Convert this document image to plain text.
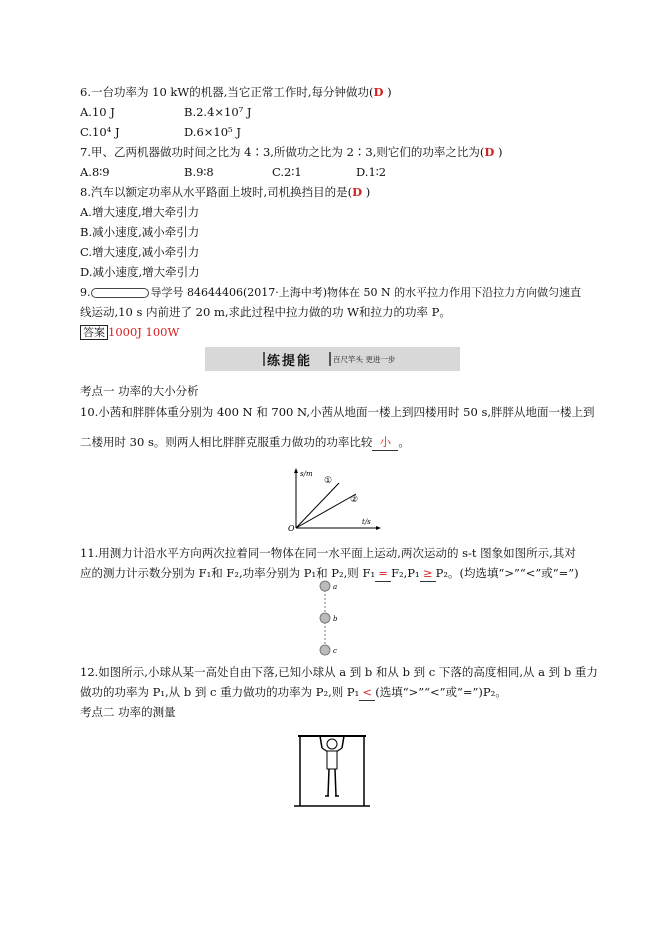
6.一台功率为 10 kW的机器,当它正常工作时,每分钟做功(D )
A.10 J	B.2.4×10⁷ J
C.10⁴ J	D.6×10⁵ J
7.甲、乙两机器做功时间之比为 4∶3,所做功之比为 2∶3,则它们的功率之比为(D )
A.8∶9	B.9∶8	C.2∶1	D.1∶2
8.汽车以额定功率从水平路面上坡时,司机换挡目的是(D )
A.增大速度,增大牵引力
B.减小速度,减小牵引力
C.增大速度,减小牵引力
D.减小速度,增大牵引力
9.	导学号 84644406(2017·上海中考)物体在 50 N 的水平拉力作用下沿拉力方向做匀速直
线运动,10 s 内前进了 20 m,求此过程中拉力做的功 W和拉力的功率 P。
答案 1000J 100W
练提能	百尺竿头 更进一步
考点一 功率的大小分析
10.小茜和胖胖体重分别为 400 N 和 700 N,小茜从地面一楼上到四楼用时 50 s,胖胖从地面一楼上到
二楼用时 30 s。则两人相比胖胖克服重力做功的功率比较 小 。
s/m
t/s
O
①
②
11.用测力计沿水平方向两次拉着同一物体在同一水平面上运动,两次运动的 s-t 图象如图所示,其对
应的测力计示数分别为 F₁和 F₂,功率分别为 P₁和 P₂,则 F₁ = F₂,P₁ ≥ P₂。(均选填“>”“<”或“=”)
a
b
c
12.如图所示,小球从某一高处自由下落,已知小球从 a 到 b 和从 b 到 c 下落的高度相同,从 a 到 b 重力
做功的功率为 P₁,从 b 到 c 重力做功的功率为 P₂,则 P₁ < (选填“>”“<”或“=”)P₂。
考点二 功率的测量
